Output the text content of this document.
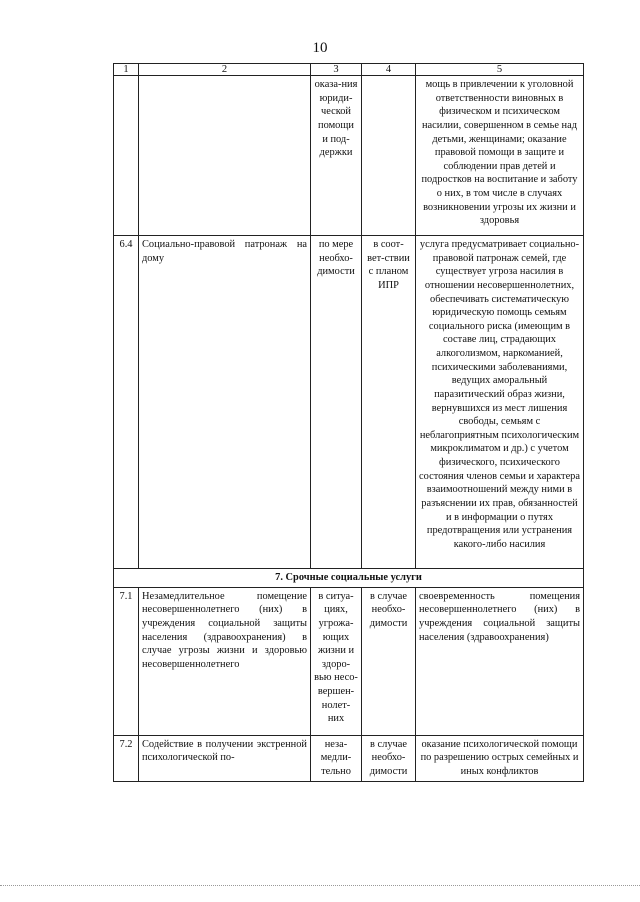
10
1	2	3	4	5
		оказа-ния юриди-ческой помощи и под-держки		мощь в привлечении к уголовной ответственности виновных в физическом и психическом насилии, совершенном в семье над детьми, женщинами; оказание правовой помощи в защите и соблюдении прав детей и подростков на воспитание и заботу о них, в том числе в случаях возникновении угрозы их жизни и здоровья
6.4	Социально-правовой патронаж на дому	по мере необхо-димости	в соот-вет-ствии с планом ИПР	услуга предусматривает социально-правовой патронаж семей, где существует угроза насилия в отношении несовершеннолетних, обеспечивать систематическую юридическую помощь семьям социального риска (имеющим в составе лиц, страдающих алкоголизмом, наркоманией, психическими заболеваниями, ведущих аморальный паразитический образ жизни, вернувшихся из мест лишения свободы, семьям с неблагоприятным психологическим микроклиматом и др.) с учетом физического, психического состояния членов семьи и характера взаимоотношений между ними в разъяснении их прав, обязанностей и в информации о путях предотвращения или устранения какого-либо насилия
7. Срочные социальные услуги				
7.1	Незамедлительное помещение несовершеннолетнего (них) в учреждения социальной защиты населения (здравоохранения) в случае угрозы жизни и здоровью несовершеннолетнего	в ситуа-циях, угрожа-ющих жизни и здоро-вью несо-вершен-нолет-них	в случае необхо-димости	своевременность помещения несовершеннолетнего (них) в учреждения социальной защиты населения (здравоохранения)
7.2	Содействие в получении экстренной психологической по-	неза-медли-тельно	в случае необхо-димости	оказание психологической помощи по разрешению острых семейных и иных конфликтов
